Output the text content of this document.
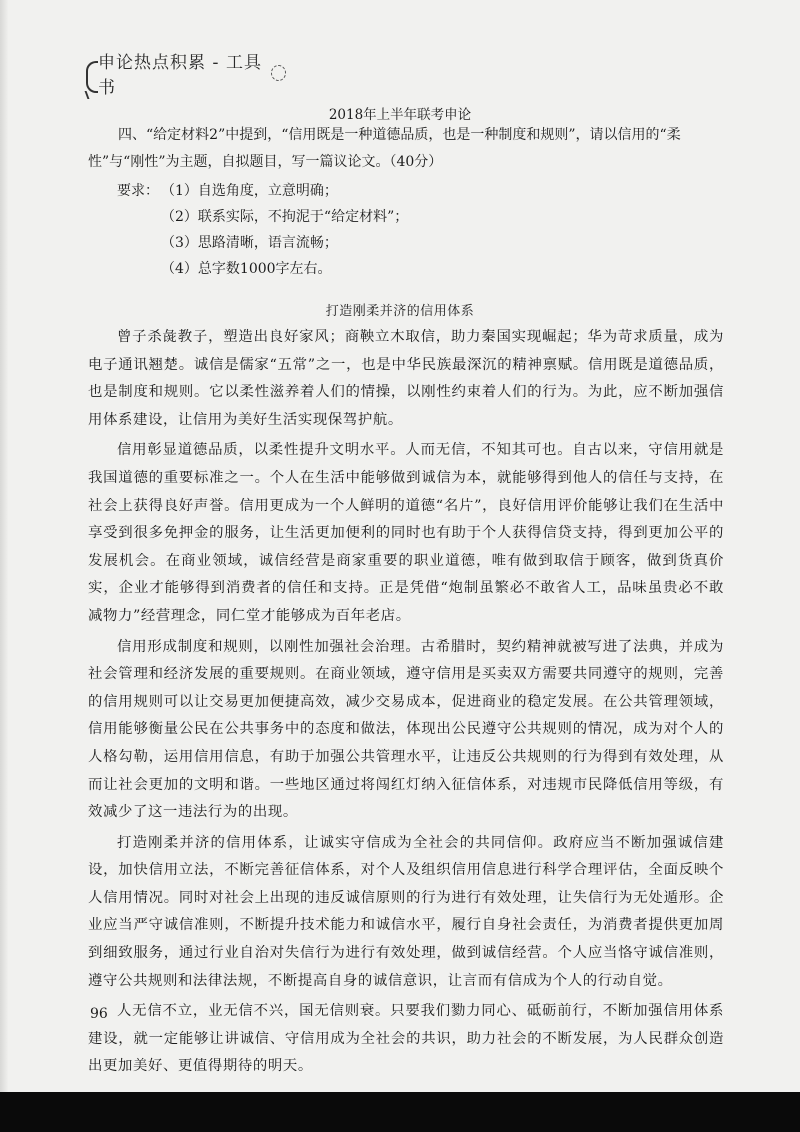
申论热点积累 - 工具书
2018年上半年联考申论
四、“给定材料2”中提到，“信用既是一种道德品质，也是一种制度和规则”，请以信用的“柔性”与“刚性”为主题，自拟题目，写一篇议论文。（40分）
要求： （1）自选角度，立意明确；
（2）联系实际，不拘泥于“给定材料”；
（3）思路清晰，语言流畅；
（4）总字数1000字左右。
打造刚柔并济的信用体系

曾子杀彘教子，塑造出良好家风；商鞅立木取信，助力秦国实现崛起；华为苛求质量，成为电子通讯翘楚。诚信是儒家“五常”之一，也是中华民族最深沉的精神禀赋。信用既是道德品质，也是制度和规则。它以柔性滋养着人们的情操，以刚性约束着人们的行为。为此，应不断加强信用体系建设，让信用为美好生活实现保驾护航。

信用彰显道德品质，以柔性提升文明水平。人而无信，不知其可也。自古以来，守信用就是我国道德的重要标准之一。个人在生活中能够做到诚信为本，就能够得到他人的信任与支持，在社会上获得良好声誉。信用更成为一个人鲜明的道德“名片”，良好信用评价能够让我们在生活中享受到很多免押金的服务，让生活更加便利的同时也有助于个人获得信贷支持，得到更加公平的发展机会。在商业领域，诚信经营是商家重要的职业道德，唯有做到取信于顾客，做到货真价实，企业才能够得到消费者的信任和支持。正是凭借“炮制虽繁必不敢省人工，品味虽贵必不敢减物力”经营理念，同仁堂才能够成为百年老店。

信用形成制度和规则，以刚性加强社会治理。古希腊时，契约精神就被写进了法典，并成为社会管理和经济发展的重要规则。在商业领域，遵守信用是买卖双方需要共同遵守的规则，完善的信用规则可以让交易更加便捷高效，减少交易成本，促进商业的稳定发展。在公共管理领域，信用能够衡量公民在公共事务中的态度和做法，体现出公民遵守公共规则的情况，成为对个人的人格勾勒，运用信用信息，有助于加强公共管理水平，让违反公共规则的行为得到有效处理，从而让社会更加的文明和谐。一些地区通过将闯红灯纳入征信体系，对违规市民降低信用等级，有效减少了这一违法行为的出现。

打造刚柔并济的信用体系，让诚实守信成为全社会的共同信仰。政府应当不断加强诚信建设，加快信用立法，不断完善征信体系，对个人及组织信用信息进行科学合理评估，全面反映个人信用情况。同时对社会上出现的违反诚信原则的行为进行有效处理，让失信行为无处遁形。企业应当严守诚信准则，不断提升技术能力和诚信水平，履行自身社会责任，为消费者提供更加周到细致服务，通过行业自治对失信行为进行有效处理，做到诚信经营。个人应当恪守诚信准则，遵守公共规则和法律法规，不断提高自身的诚信意识，让言而有信成为个人的行动自觉。

人无信不立，业无信不兴，国无信则衰。只要我们勠力同心、砥砺前行，不断加强信用体系建设，就一定能够让讲诚信、守信用成为全社会的共识，助力社会的不断发展，为人民群众创造出更加美好、更值得期待的明天。

96
